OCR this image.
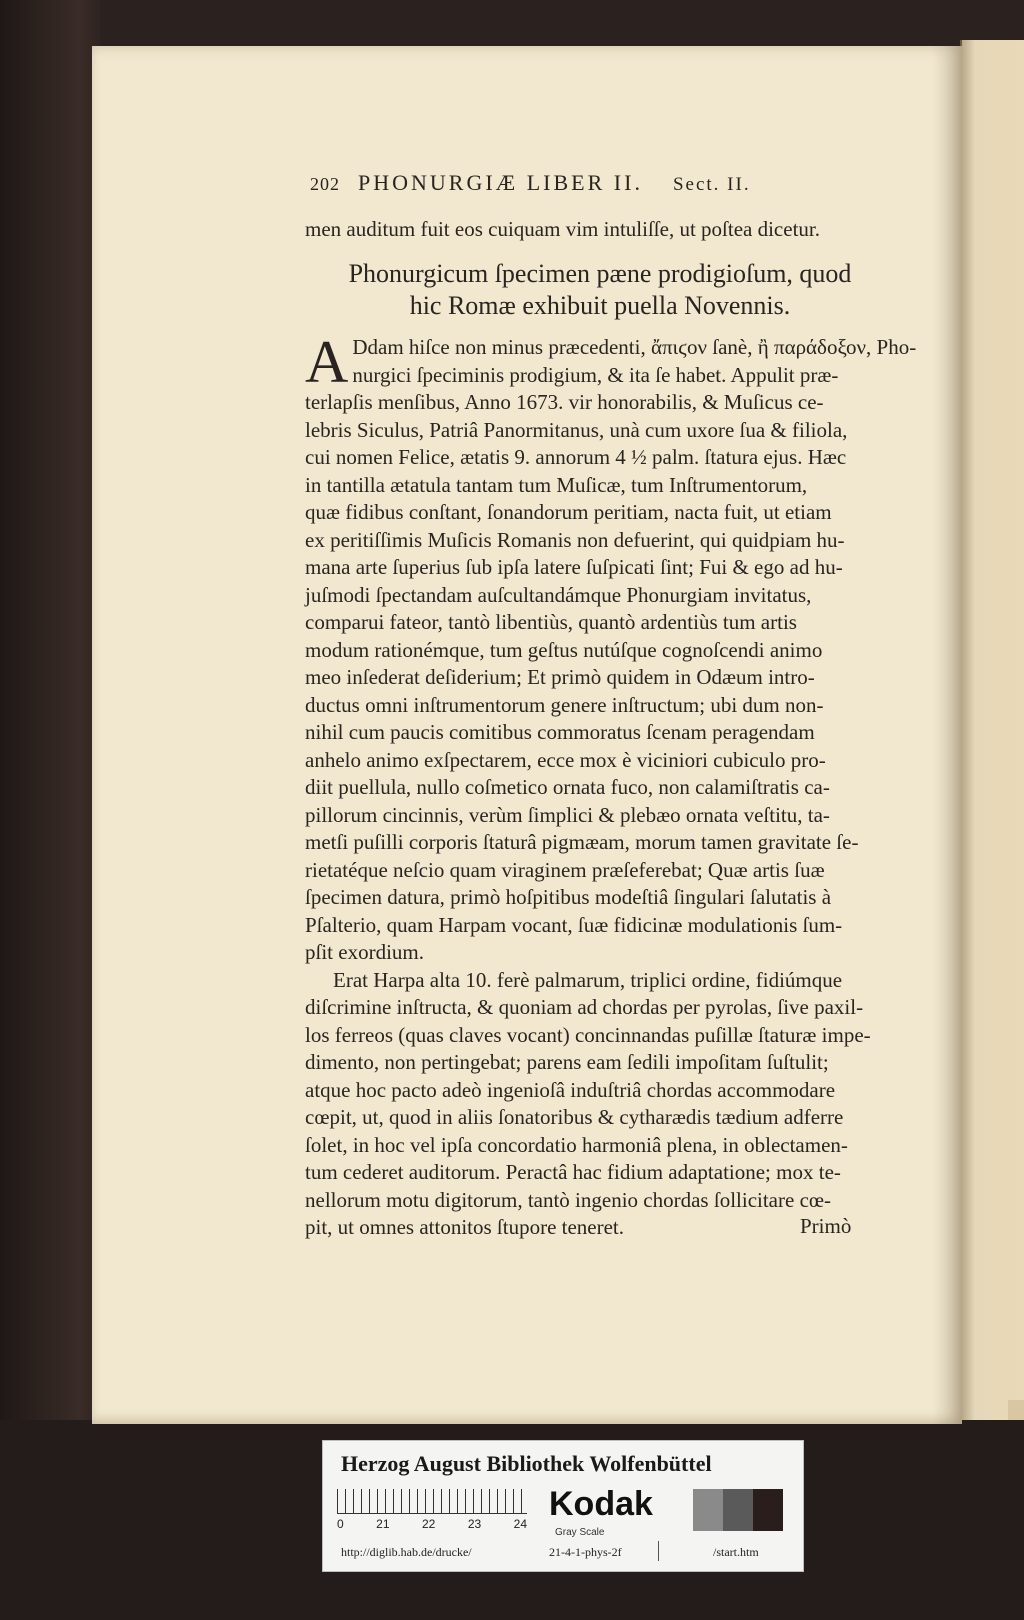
202 PHONURGIÆ LIBER II. Sect. II.
men auditum fuit eos cuiquam vim intuliſſe, ut poſtea dicetur.
Phonurgicum ſpecimen pæne prodigioſum, quod
hic Romæ exhibuit puella Novennis.
A Ddam hiſce non minus præcedenti, ἄπιϛον ſanè, ἢ παράδοξον, Pho-
nurgici ſpeciminis prodigium, & ita ſe habet. Appulit præ-
terlapſis menſibus, Anno 1673. vir honorabilis, & Muſicus ce-
lebris Siculus, Patriâ Panormitanus, unà cum uxore ſua & filiola,
cui nomen Felice, ætatis 9. annorum 4 ½ palm. ſtatura ejus. Hæc
in tantilla ætatula tantam tum Muſicæ, tum Inſtrumentorum,
quæ fidibus conſtant, ſonandorum peritiam, nacta fuit, ut etiam
ex peritiſſimis Muſicis Romanis non defuerint, qui quidpiam hu-
mana arte ſuperius ſub ipſa latere ſuſpicati ſint; Fui & ego ad hu-
juſmodi ſpectandam auſcultandámque Phonurgiam invitatus,
comparui fateor, tantò libentiùs, quantò ardentiùs tum artis
modum rationémque, tum geſtus nutúſque cognoſcendi animo
meo inſederat deſiderium; Et primò quidem in Odæum intro-
ductus omni inſtrumentorum genere inſtructum; ubi dum non-
nihil cum paucis comitibus commoratus ſcenam peragendam
anhelo animo exſpectarem, ecce mox è viciniori cubiculo pro-
diit puellula, nullo coſmetico ornata fuco, non calamiſtratis ca-
pillorum cincinnis, verùm ſimplici & plebæo ornata veſtitu, ta-
metſi puſilli corporis ſtaturâ pigmæam, morum tamen gravitate ſe-
rietatéque neſcio quam viraginem præſeferebat; Quæ artis ſuæ
ſpecimen datura, primò hoſpitibus modeſtiâ ſingulari ſalutatis à
Pſalterio, quam Harpam vocant, ſuæ fidicinæ modulationis ſum-
pſit exordium.
Erat Harpa alta 10. ferè palmarum, triplici ordine, fidiúmque
diſcrimine inſtructa, & quoniam ad chordas per pyrolas, ſive paxil-
los ferreos (quas claves vocant) concinnandas puſillæ ſtaturæ impe-
dimento, non pertingebat; parens eam ſedili impoſitam ſuſtulit;
atque hoc pacto adeò ingenioſâ induſtriâ chordas accommodare
cœpit, ut, quod in aliis ſonatoribus & cytharædis tædium adferre
ſolet, in hoc vel ipſa concordatio harmoniâ plena, in oblectamen-
tum cederet auditorum. Peractâ hac fidium adaptatione; mox te-
nellorum motu digitorum, tantò ingenio chordas ſollicitare cœ-
pit, ut omnes attonitos ſtupore teneret.	Primò
Herzog August Bibliothek Wolfenbüttel
0	21	22	23	24
Kodak
Gray Scale
http://diglib.hab.de/drucke/	21-4-1-phys-2f	/start.htm
